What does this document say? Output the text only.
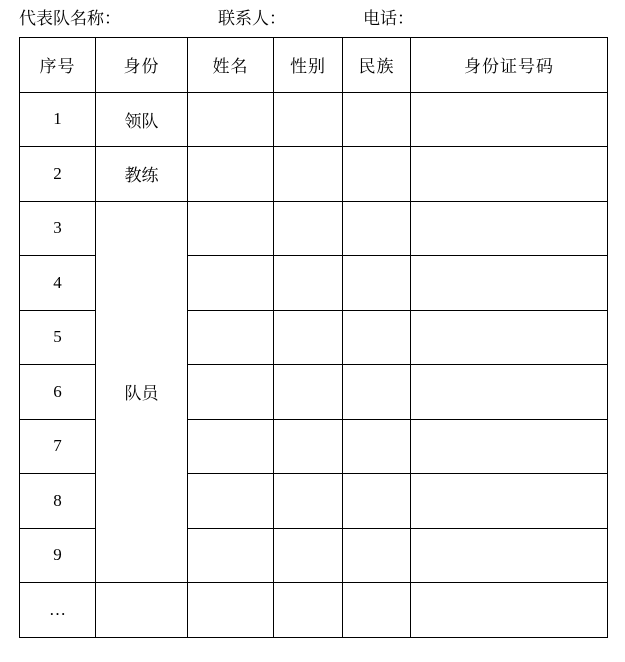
代表队名称：	联系人：	电话：
序号	身份	姓名	性别	民族	身份证号码
1	领队				
2	教练				
3	队员				
4					
5					
6					
7					
8					
9					
…					
